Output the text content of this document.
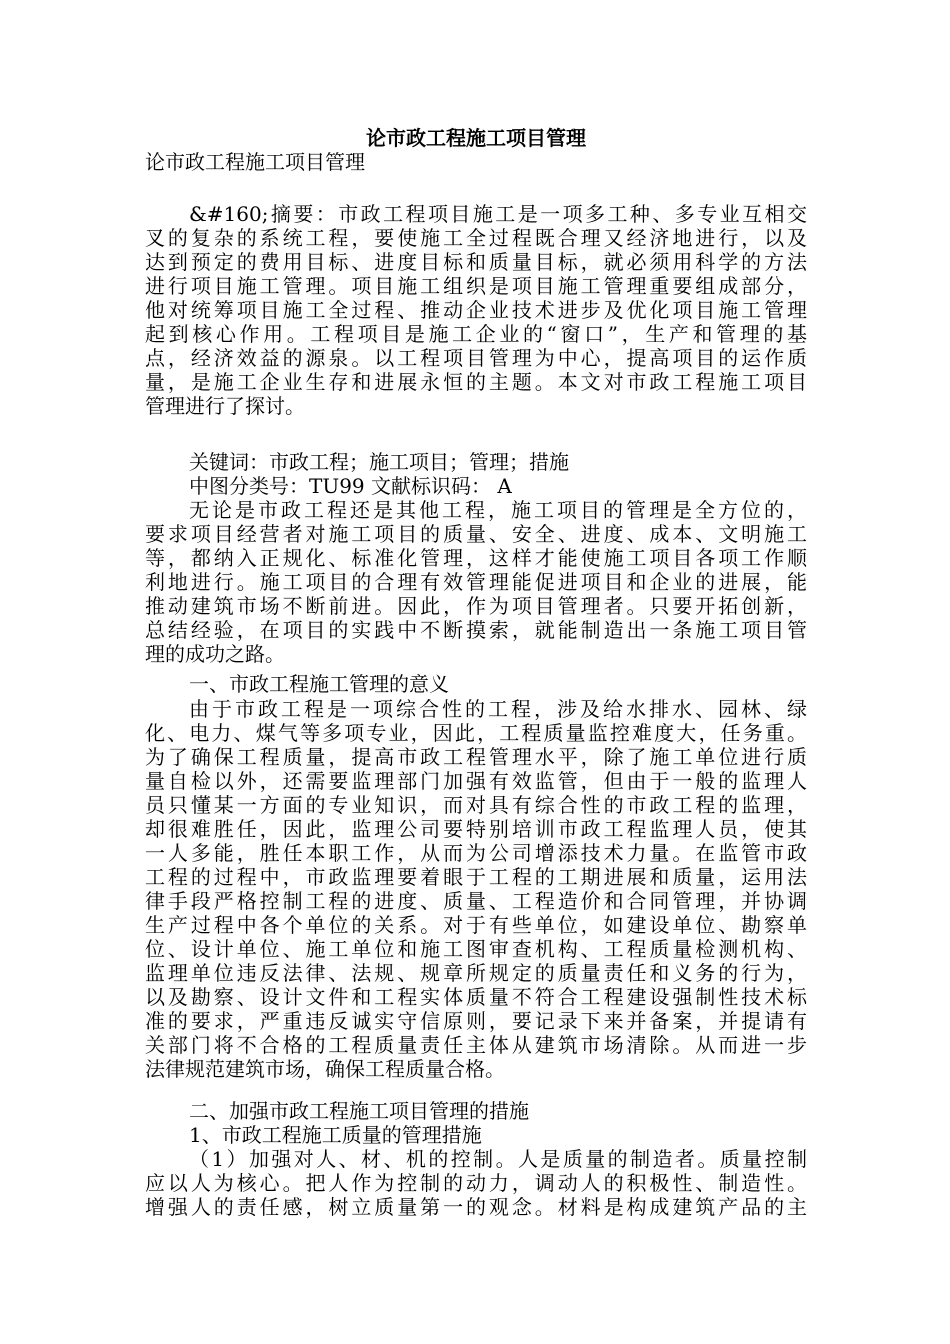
论市政工程施工项目管理

论市政工程施工项目管理

&#160;摘要：市政工程项目施工是一项多工种、多专业互相交

叉的复杂的系统工程，要使施工全过程既合理又经济地进行，以及

达到预定的费用目标、进度目标和质量目标，就必须用科学的方法

进行项目施工管理。项目施工组织是项目施工管理重要组成部分，

他对统筹项目施工全过程、推动企业技术进步及优化项目施工管理

起到核心作用。工程项目是施工企业的“窗口”，生产和管理的基

点，经济效益的源泉。以工程项目管理为中心，提高项目的运作质

量，是施工企业生存和进展永恒的主题。本文对市政工程施工项目

管理进行了探讨。

关键词：市政工程；施工项目；管理；措施

中图分类号：TU99 文献标识码： A

无论是市政工程还是其他工程，施工项目的管理是全方位的，

要求项目经营者对施工项目的质量、安全、进度、成本、文明施工

等，都纳入正规化、标准化管理，这样才能使施工项目各项工作顺

利地进行。施工项目的合理有效管理能促进项目和企业的进展，能

推动建筑市场不断前进。因此，作为项目管理者。只要开拓创新，

总结经验，在项目的实践中不断摸索，就能制造出一条施工项目管

理的成功之路。

一、市政工程施工管理的意义

由于市政工程是一项综合性的工程，涉及给水排水、园林、绿

化、电力、煤气等多项专业，因此，工程质量监控难度大，任务重。

为了确保工程质量，提高市政工程管理水平，除了施工单位进行质

量自检以外，还需要监理部门加强有效监管，但由于一般的监理人

员只懂某一方面的专业知识，而对具有综合性的市政工程的监理，

却很难胜任，因此，监理公司要特别培训市政工程监理人员，使其

一人多能，胜任本职工作，从而为公司增添技术力量。在监管市政

工程的过程中，市政监理要着眼于工程的工期进展和质量，运用法

律手段严格控制工程的进度、质量、工程造价和合同管理，并协调

生产过程中各个单位的关系。对于有些单位，如建设单位、勘察单

位、设计单位、施工单位和施工图审查机构、工程质量检测机构、

监理单位违反法律、法规、规章所规定的质量责任和义务的行为，

以及勘察、设计文件和工程实体质量不符合工程建设强制性技术标

准的要求，严重违反诚实守信原则，要记录下来并备案，并提请有

关部门将不合格的工程质量责任主体从建筑市场清除。从而进一步

法律规范建筑市场，确保工程质量合格。

二、加强市政工程施工项目管理的措施

1、市政工程施工质量的管理措施

（1）加强对人、材、机的控制。人是质量的制造者。质量控制

应以人为核心。把人作为控制的动力，调动人的积极性、制造性。

增强人的责任感，树立质量第一的观念。材料是构成建筑产品的主
